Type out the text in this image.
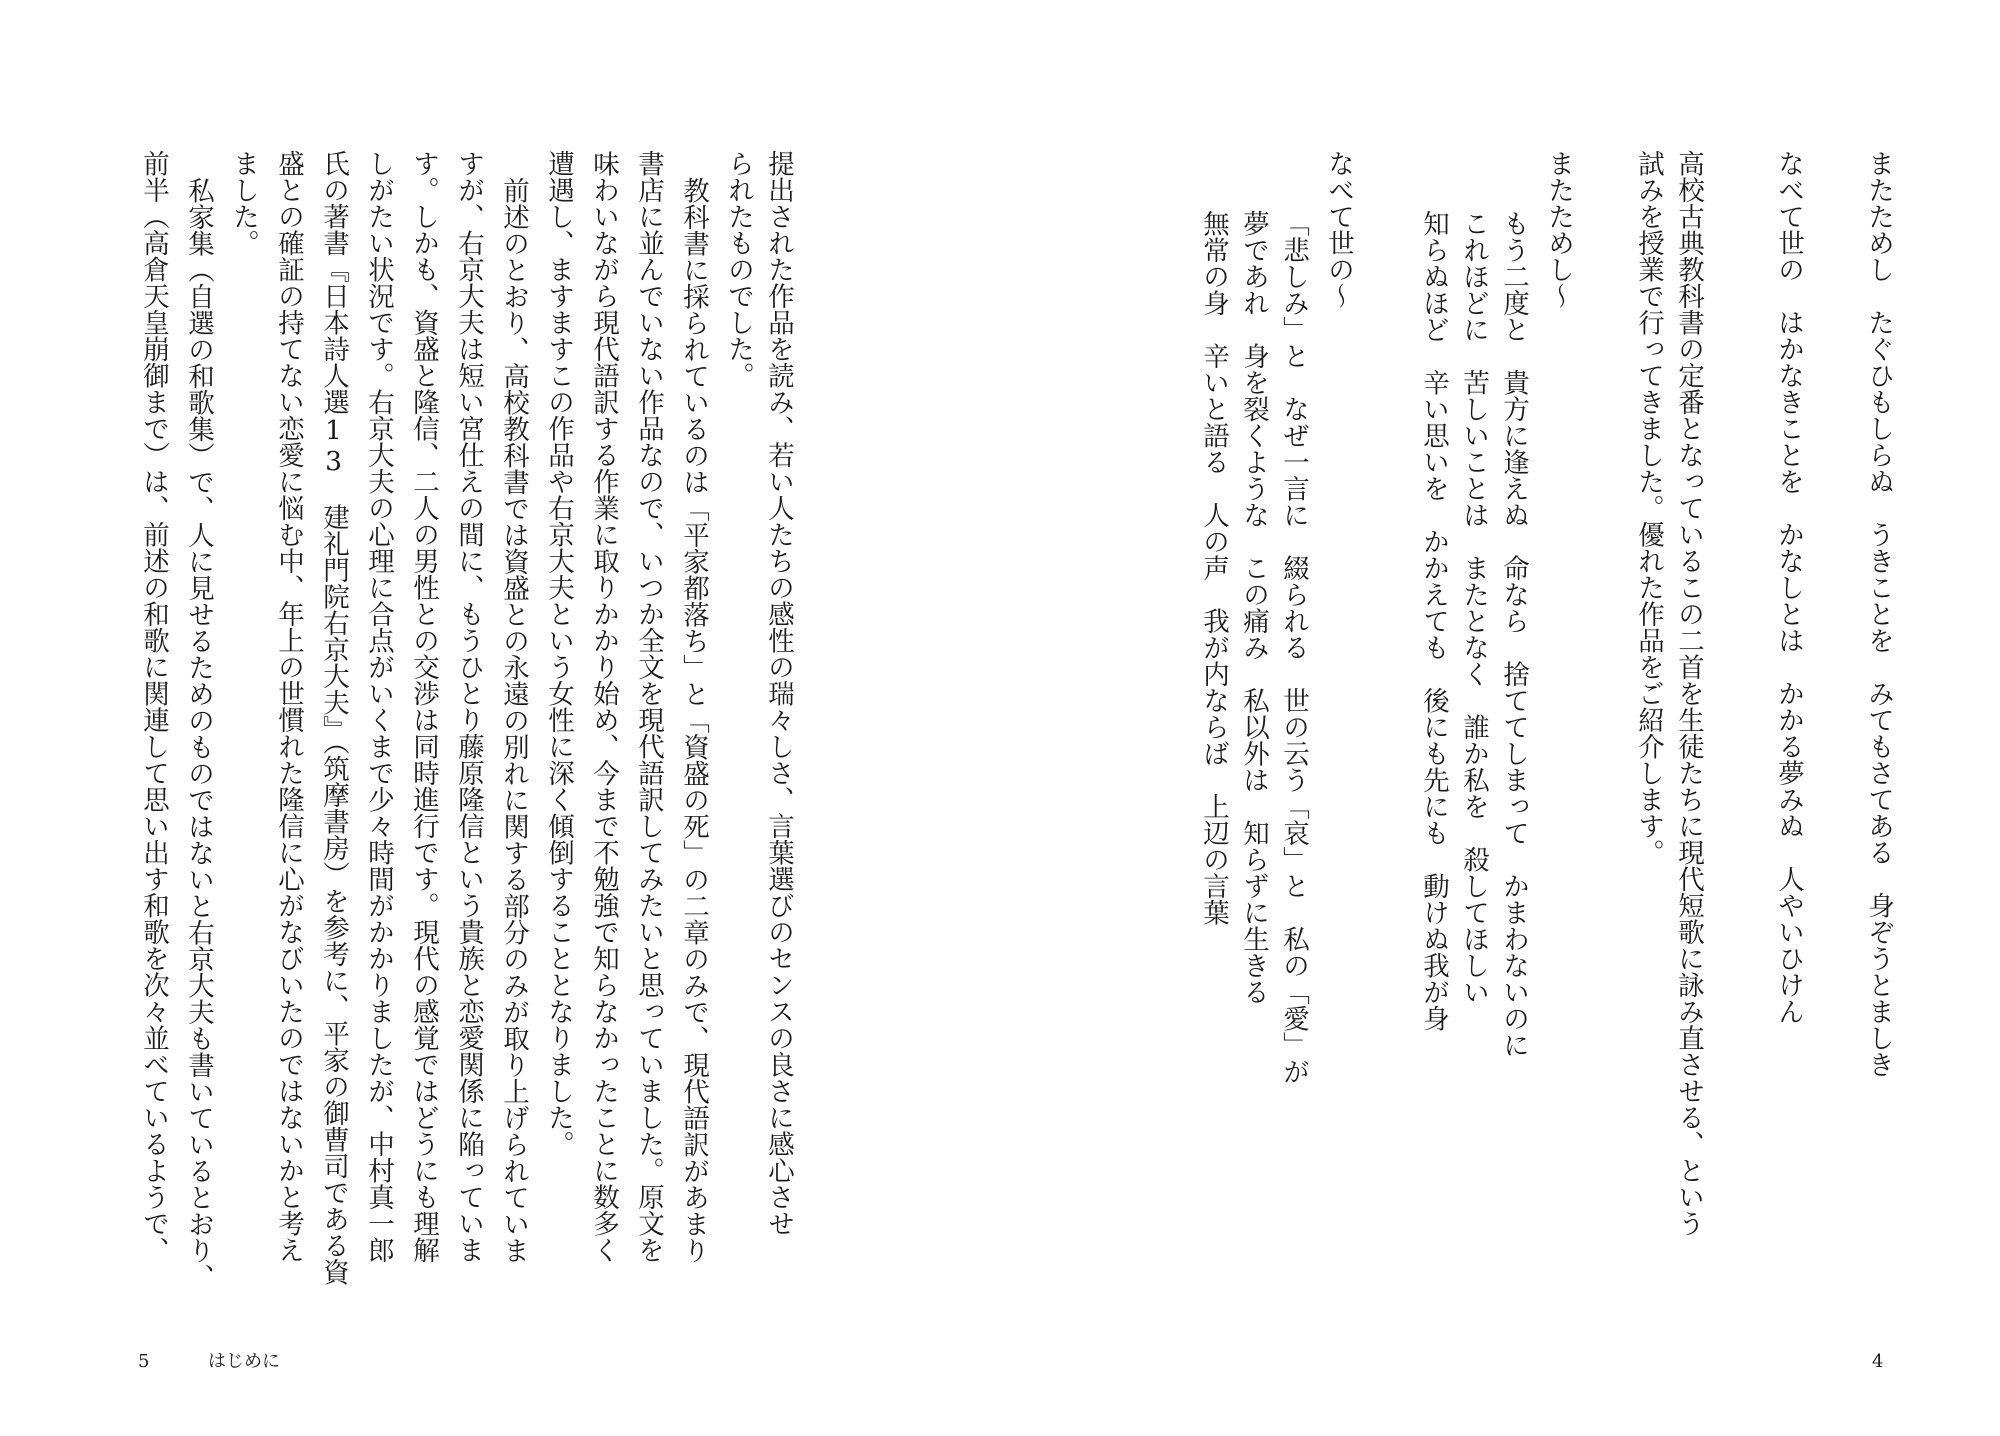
またためし　たぐひもしらぬ　うきことを　みてもさてある　身ぞうとましき
なべて世の　はかなきことを　かなしとは　かかる夢みぬ　人やいひけん
高校古典教科書の定番となっているこの二首を生徒たちに現代短歌に詠み直させる、という
試みを授業で行ってきました。優れた作品をご紹介します。
またためし〜
もう二度と　貴方に逢えぬ　命なら　捨ててしまって　かまわないのに
これほどに　苦しいことは　またとなく　誰か私を　殺してほしい
知らぬほど　辛い思いを　かかえても　後にも先にも　動けぬ我が身
なべて世の〜
「悲しみ」と　なぜ一言に　綴られる　世の云う「哀」と　私の「愛」が
夢であれ　身を裂くような　この痛み　私以外は　知らずに生きる
無常の身　辛いと語る　人の声　我が内ならば　上辺の言葉
4
提出された作品を読み、若い人たちの感性の瑞々しさ、言葉選びのセンスの良さに感心させ
られたものでした。
教科書に採られているのは「平家都落ち」と「資盛の死」の二章のみで、現代語訳があまり
書店に並んでいない作品なので、いつか全文を現代語訳してみたいと思っていました。原文を
味わいながら現代語訳する作業に取りかかり始め、今まで不勉強で知らなかったことに数多く
遭遇し、ますますこの作品や右京大夫という女性に深く傾倒することとなりました。
前述のとおり、高校教科書では資盛との永遠の別れに関する部分のみが取り上げられていま
すが、右京大夫は短い宮仕えの間に、もうひとり藤原隆信という貴族と恋愛関係に陥っていま
す。しかも、資盛と隆信、二人の男性との交渉は同時進行です。現代の感覚ではどうにも理解
しがたい状況です。右京大夫の心理に合点がいくまで少々時間がかかりましたが、中村真一郎
氏の著書『日本詩人選13　建礼門院右京大夫』（筑摩書房）を参考に、平家の御曹司である資
盛との確証の持てない恋愛に悩む中、年上の世慣れた隆信に心がなびいたのではないかと考え
ました。
私家集（自選の和歌集）で、人に見せるためのものではないと右京大夫も書いているとおり、
前半（高倉天皇崩御まで）は、前述の和歌に関連して思い出す和歌を次々並べているようで、
5	はじめに
